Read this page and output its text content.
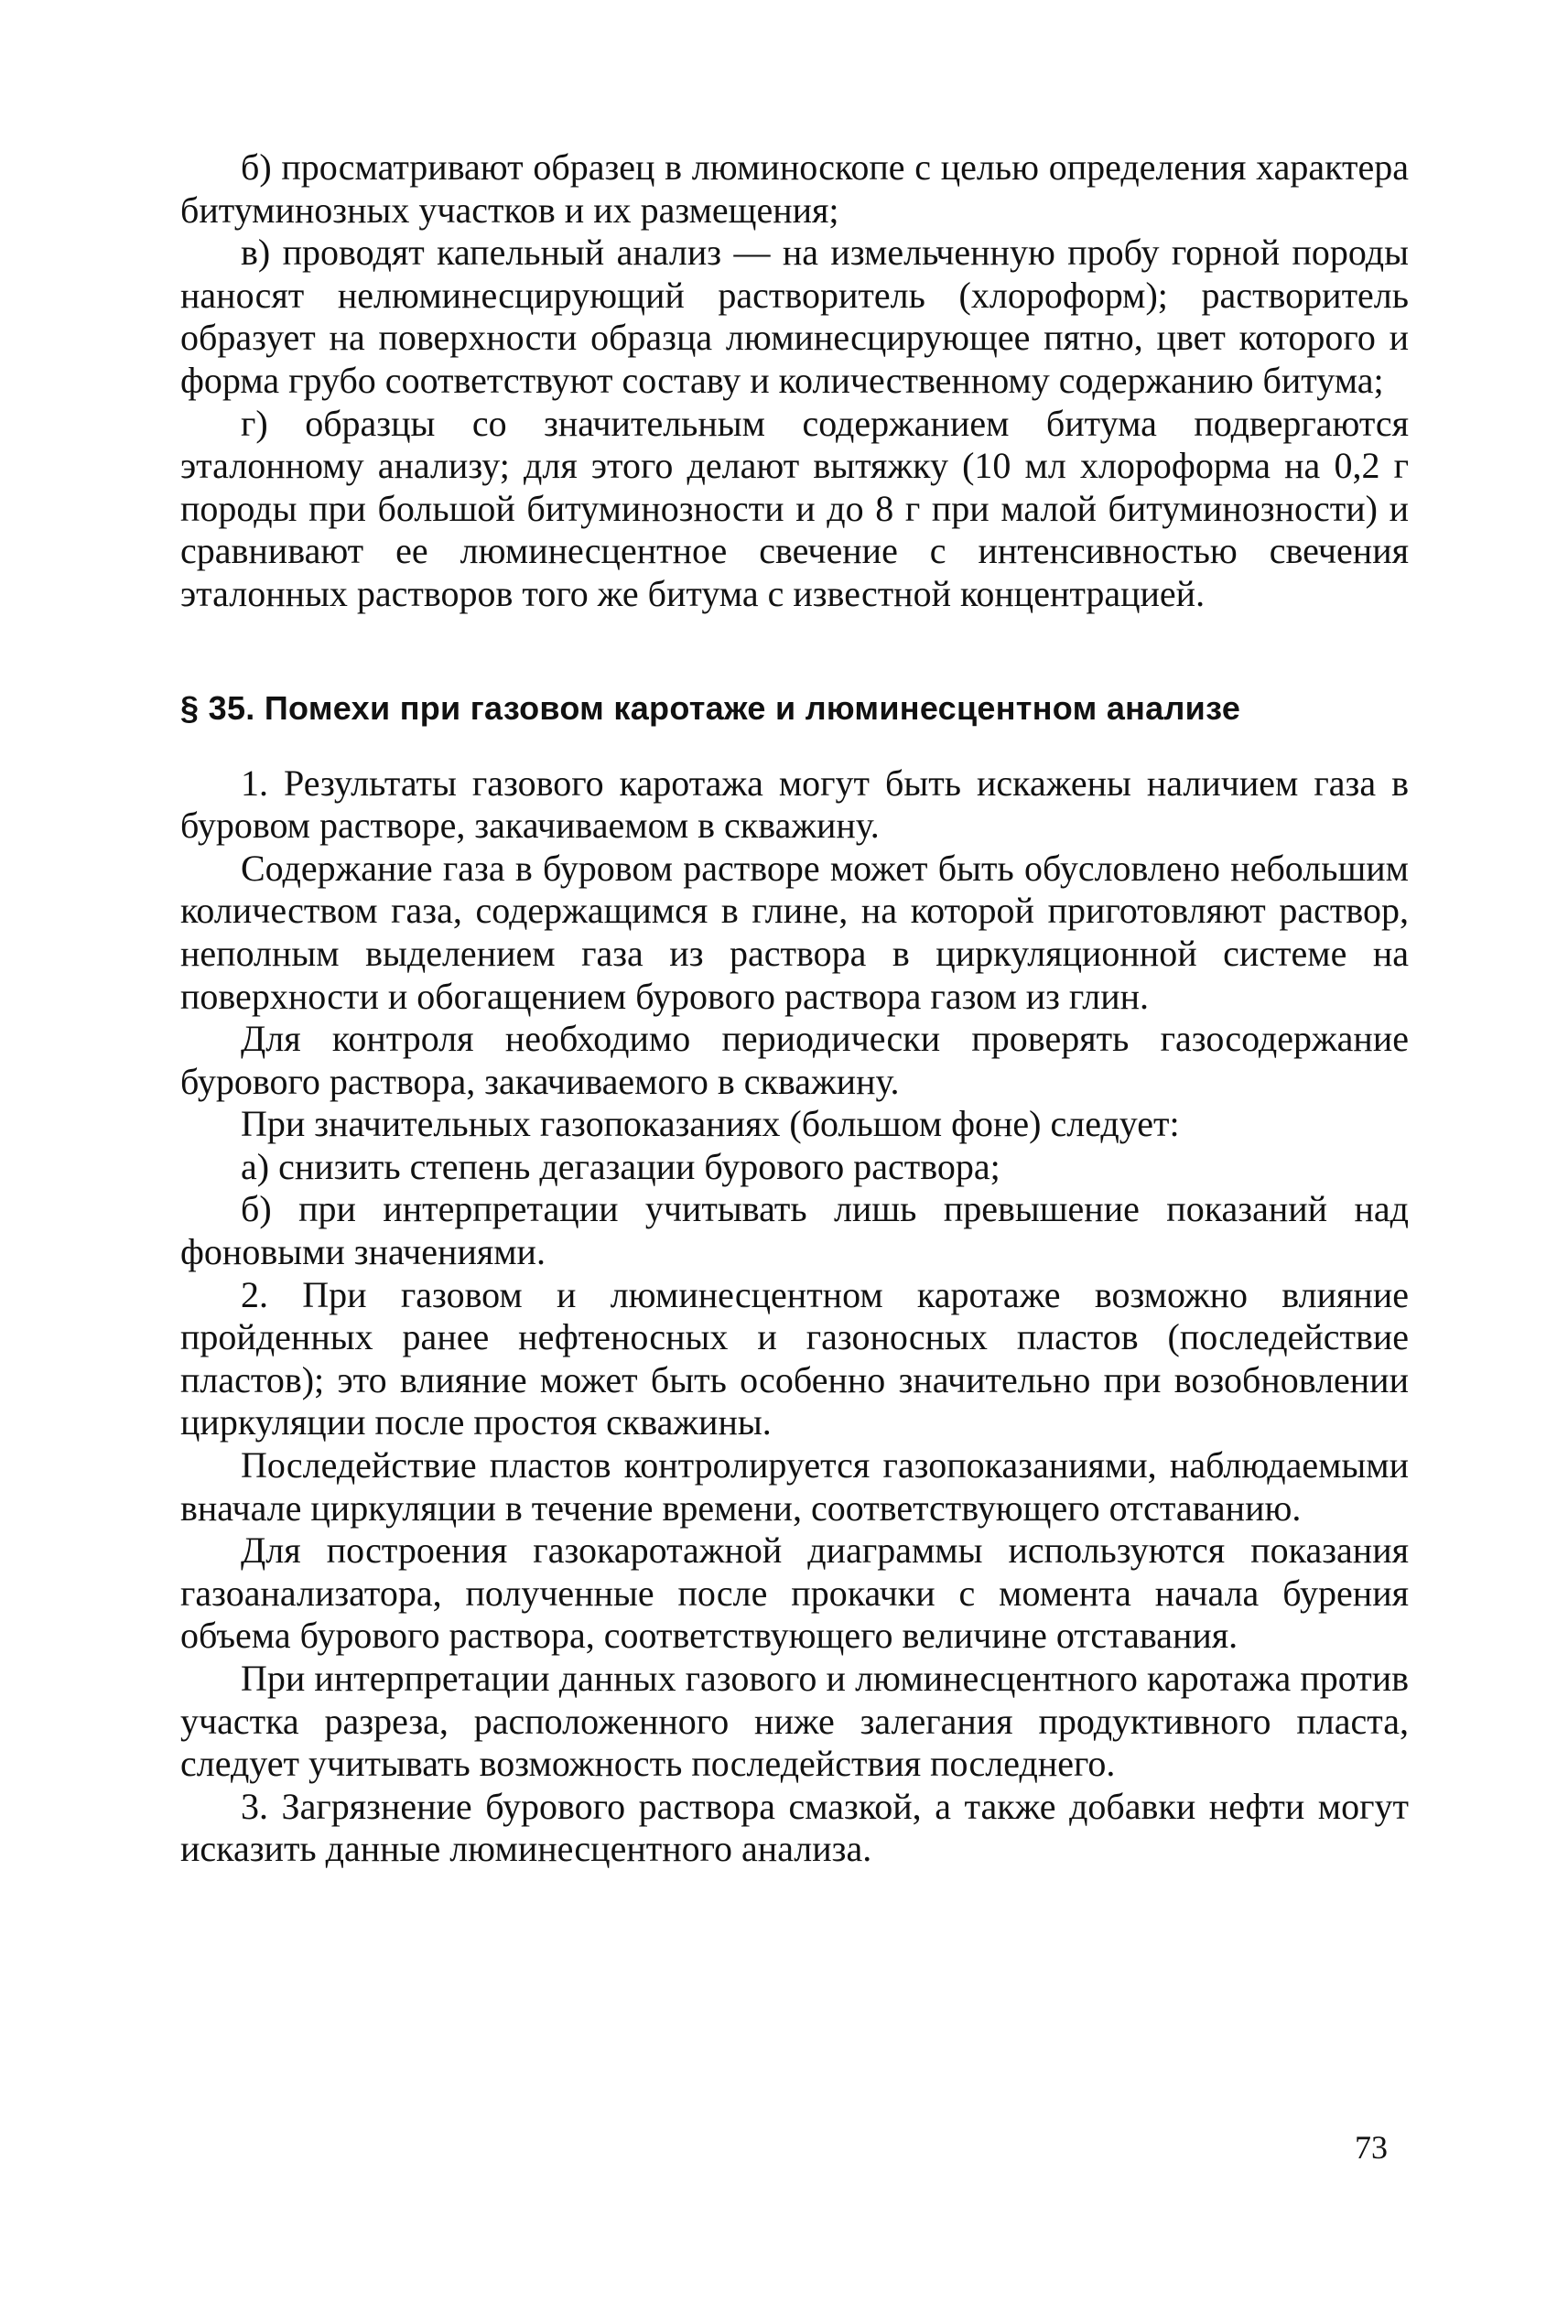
б) просматривают образец в люминоскопе с целью определения характера битуминозных участков и их размещения;

в) проводят капельный анализ — на измельченную пробу горной породы наносят нелюминесцирующий растворитель (хлороформ); растворитель образует на поверхности образца люминесцирующее пятно, цвет которого и форма грубо соответствуют составу и количественному содержанию битума;

г) образцы со значительным содержанием битума подвергаются эталонному анализу; для этого делают вытяжку (10 мл хлороформа на 0,2 г породы при большой битуминозности и до 8 г при малой битуминозности) и сравнивают ее люминесцентное свечение с интенсивностью свечения эталонных растворов того же битума с известной концентрацией.

§ 35. Помехи при газовом каротаже и люминесцентном анализе

1. Результаты газового каротажа могут быть искажены наличием газа в буровом растворе, закачиваемом в скважину.

Содержание газа в буровом растворе может быть обусловлено небольшим количеством газа, содержащимся в глине, на которой приготовляют раствор, неполным выделением газа из раствора в циркуляционной системе на поверхности и обогащением бурового раствора газом из глин.

Для контроля необходимо периодически проверять газосодержание бурового раствора, закачиваемого в скважину.

При значительных газопоказаниях (большом фоне) следует:

а) снизить степень дегазации бурового раствора;

б) при интерпретации учитывать лишь превышение показаний над фоновыми значениями.

2. При газовом и люминесцентном каротаже возможно влияние пройденных ранее нефтеносных и газоносных пластов (последействие пластов); это влияние может быть особенно значительно при возобновлении циркуляции после простоя скважины.

Последействие пластов контролируется газопоказаниями, наблюдаемыми вначале циркуляции в течение времени, соответствующего отставанию.

Для построения газокаротажной диаграммы используются показания газоанализатора, полученные после прокачки с момента начала бурения объема бурового раствора, соответствующего величине отставания.

При интерпретации данных газового и люминесцентного каротажа против участка разреза, расположенного ниже залегания продуктивного пласта, следует учитывать возможность последействия последнего.

3. Загрязнение бурового раствора смазкой, а также добавки нефти могут исказить данные люминесцентного анализа.

73
